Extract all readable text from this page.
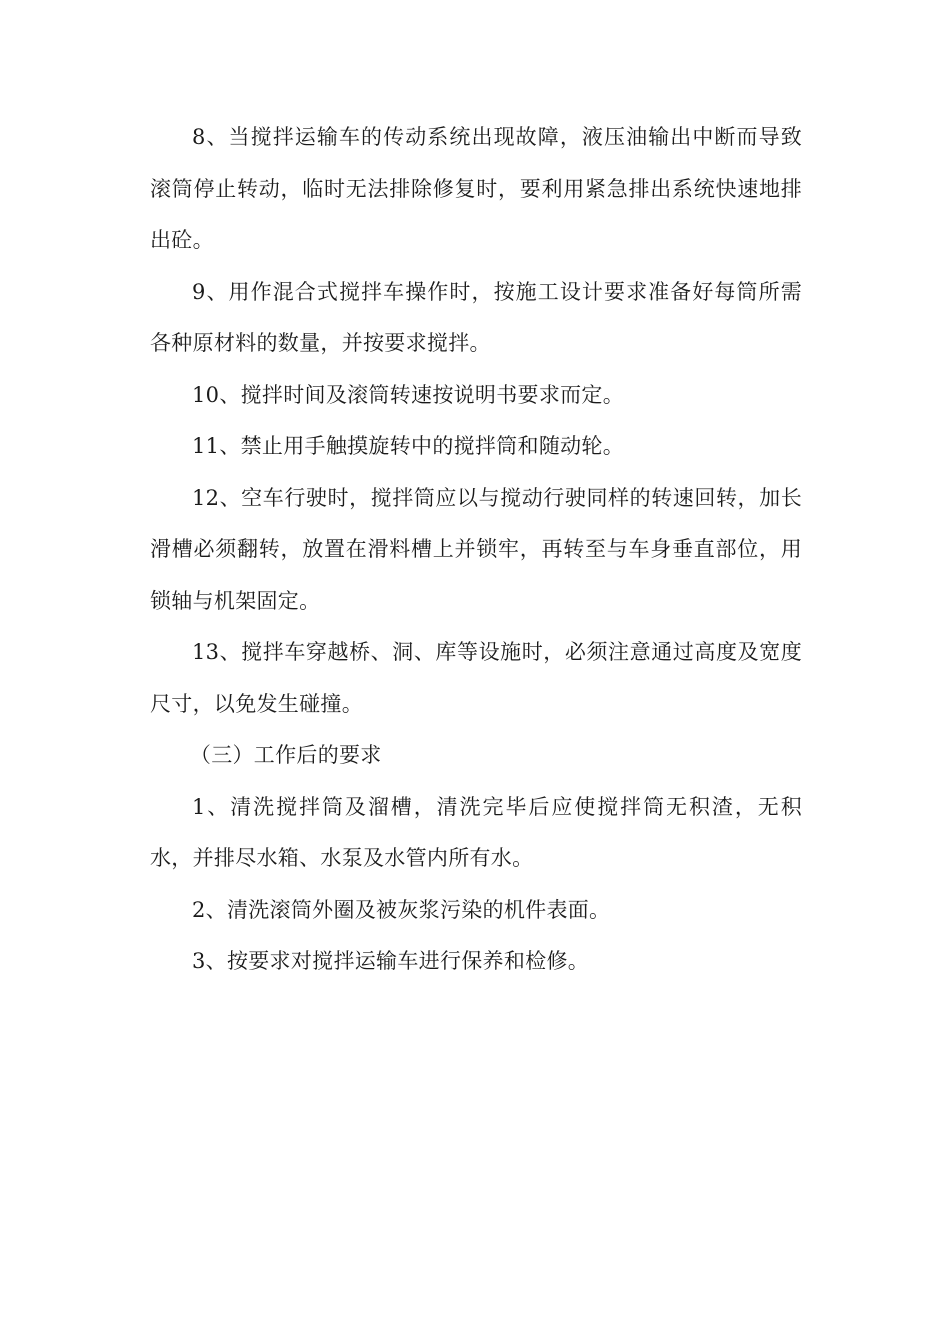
8、当搅拌运输车的传动系统出现故障，液压油输出中断而导致滚筒停止转动，临时无法排除修复时，要利用紧急排出系统快速地排出砼。

9、用作混合式搅拌车操作时，按施工设计要求准备好每筒所需各种原材料的数量，并按要求搅拌。

10、搅拌时间及滚筒转速按说明书要求而定。

11、禁止用手触摸旋转中的搅拌筒和随动轮。

12、空车行驶时，搅拌筒应以与搅动行驶同样的转速回转，加长滑槽必须翻转，放置在滑料槽上并锁牢，再转至与车身垂直部位，用锁轴与机架固定。

13、搅拌车穿越桥、洞、库等设施时，必须注意通过高度及宽度尺寸，以免发生碰撞。

（三）工作后的要求

1、清洗搅拌筒及溜槽，清洗完毕后应使搅拌筒无积渣，无积水，并排尽水箱、水泵及水管内所有水。

2、清洗滚筒外圈及被灰浆污染的机件表面。

3、按要求对搅拌运输车进行保养和检修。
